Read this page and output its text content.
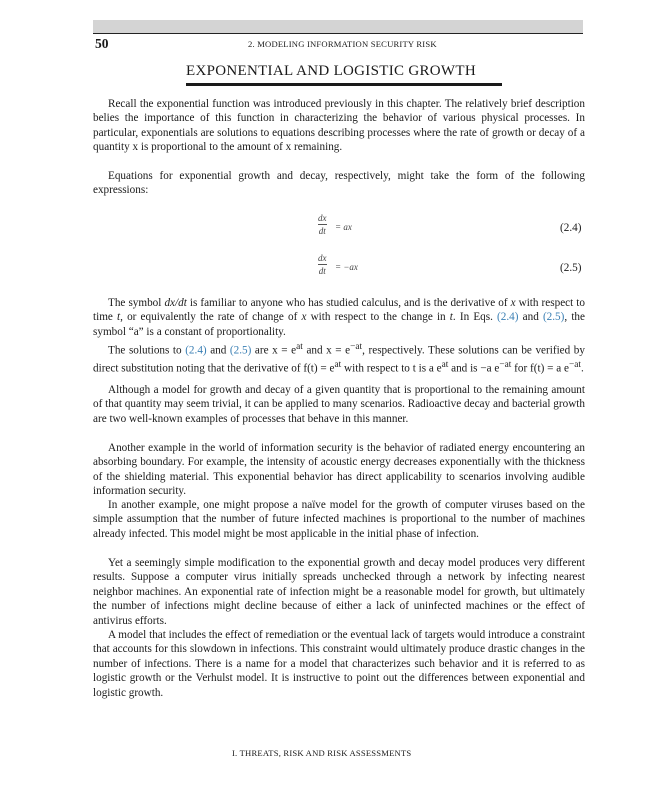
50	2. MODELING INFORMATION SECURITY RISK
EXPONENTIAL AND LOGISTIC GROWTH

Recall the exponential function was introduced previously in this chapter. The relatively brief description belies the importance of this function in characterizing the behavior of various physical processes. In particular, exponentials are solutions to equations describing processes where the rate of growth or decay of a quantity x is proportional to the amount of x remaining.

Equations for exponential growth and decay, respectively, might take the form of the following expressions:

dx
dt = ax	(2.4)
dx
dt = −ax	(2.5)

The symbol dx/dt is familiar to anyone who has studied calculus, and is the derivative of x with respect to time t, or equivalently the rate of change of x with respect to the change in t. In Eqs. (2.4) and (2.5), the symbol “a” is a constant of proportionality.

The solutions to (2.4) and (2.5) are $x = e^{at}$ and $x = e^{-at}$, respectively. These solutions can be verified by direct substitution noting that the derivative of $f(t) = e^{at}$ with respect to t is a $e^{at}$ and is −a $e^{-at}$ for f(t) = a $e^{-at}$.

Although a model for growth and decay of a given quantity that is proportional to the remaining amount of that quantity may seem trivial, it can be applied to many scenarios. Radioactive decay and bacterial growth are two well-known examples of processes that behave in this manner.

Another example in the world of information security is the behavior of radiated energy encountering an absorbing boundary. For example, the intensity of acoustic energy decreases exponentially with the thickness of the shielding material. This exponential behavior has direct applicability to scenarios involving audible information security.

In another example, one might propose a naïve model for the growth of computer viruses based on the simple assumption that the number of future infected machines is proportional to the number of machines already infected. This model might be most applicable in the initial phase of infection.

Yet a seemingly simple modification to the exponential growth and decay model produces very different results. Suppose a computer virus initially spreads unchecked through a network by infecting nearest neighbor machines. An exponential rate of infection might be a reasonable model for growth, but ultimately the number of infections might decline because of either a lack of uninfected machines or the effect of antivirus efforts.

A model that includes the effect of remediation or the eventual lack of targets would introduce a constraint that accounts for this slowdown in infections. This constraint would ultimately produce drastic changes in the number of infections. There is a name for a model that characterizes such behavior and it is referred to as logistic growth or the Verhulst model. It is instructive to point out the differences between exponential and logistic growth.

I. THREATS, RISK AND RISK ASSESSMENTS
